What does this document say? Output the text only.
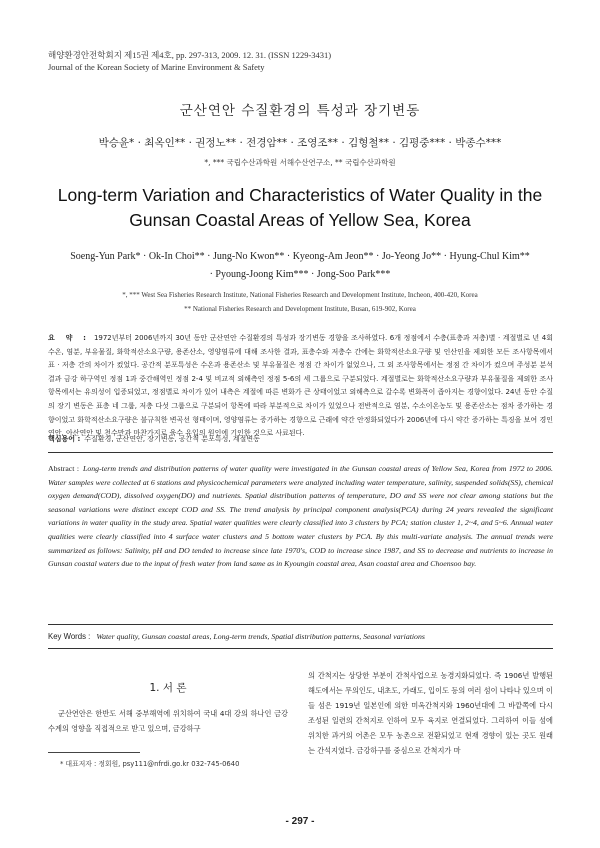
해양환경안전학회지 제15권 제4호, pp. 297-313, 2009. 12. 31. (ISSN 1229-3431)
Journal of the Korean Society of Marine Environment & Safety
군산연안 수질환경의 특성과 장기변동
박승윤* · 최옥인** · 권정노** · 전경암** · 조영조** · 김형철** · 김평중*** · 박종수***
*, *** 국립수산과학원 서해수산연구소, ** 국립수산과학원
Long-term Variation and Characteristics of Water Quality in the
Gunsan Coastal Areas of Yellow Sea, Korea
Soeng-Yun Park* · Ok-In Choi** · Jung-No Kwon** · Kyeong-Am Jeon** · Jo-Yeong Jo** · Hyung-Chul Kim**
· Pyoung-Joong Kim*** · Jong-Soo Park***
*, *** West Sea Fisheries Research Institute, National Fisheries Research and Development Institute, Incheon, 400-420, Korea
** National Fisheries Research and Development Institute, Busan, 619-902, Korea
요 약 : 1972년부터 2006년까지 30년 동안 군산연안 수질환경의 특성과 장기변동 경향을 조사하였다. 6개 정점에서 수층(표층과 저층)별 · 계절별로 년 4회 수온, 염분, 부유물질, 화학적산소요구량, 용존산소, 영양염류에 대해 조사한 결과, 표층수와 저층수 간에는 화학적산소요구량 및 인산인을 제외한 모든 조사항목에서 표 · 저층 간의 차이가 컸었다. 공간적 분포특성은 수온과 용존산소 및 부유물질은 정점 간 차이가 없었으나, 그 외 조사항목에서는 정점 간 차이가 컸으며 주성분 분석결과 금강 하구역인 정점 1과 중간해역인 정점 2-4 및 비교적 외해측인 정점 5-6의 세 그룹으로 구분되었다. 계절별로는 화학적산소요구량과 부유물질을 제외한 조사 항목에서는 유의성이 입증되었고, 정점별로 차이가 있어 내측은 계절에 따른 변화가 큰 상태이었고 외해측으로 갈수록 변화폭이 좁아지는 경향이었다. 24년 동안 수질의 장기 변동은 표층 네 그룹, 저층 다섯 그룹으로 구분되어 항목에 따라 부분적으로 차이가 있었으나 전반적으로 염분, 수소이온농도 및 용존산소는 점차 증가하는 경향이었고 화학적산소요구량은 불규칙한 변곡선 형태이며, 영양염류는 증가하는 경향으로 근래에 약간 안정화되었다가 2006년에 다시 약간 증가하는 특징을 보여 경인연안, 아산연안 및 천수만과 마찬가지로 육수 유입의 원인에 기인한 것으로 사료된다.
핵심용어 : 수질환경, 군산연안, 장기변동, 공간적 분포특성, 계절변동
Abstract : Long-term trends and distribution patterns of water quality were investigated in the Gunsan coastal areas of Yellow Sea, Korea from 1972 to 2006. Water samples were collected at 6 stations and physicochemical parameters were analyzed including water temperature, salinity, suspended solids(SS), chemical oxygen demand(COD), dissolved oxygen(DO) and nutrients. Spatial distribution patterns of temperature, DO and SS were not clear among stations but the seasonal variations were distinct except COD and SS. The trend analysis by principal component analysis(PCA) during 24 years revealed the significant variations in water quality in the study area. Spatial water qualities were clearly classified into 3 clusters by PCA; station cluster 1, 2~4, and 5~6. Annual water qualities were clearly classified into 4 surface water clusters and 5 bottom water clusters by PCA. By this multi-variate analysis. The annual trends were summarized as follows: Salinity, pH and DO tended to increase since late 1970's, COD to increase since 1987, and SS to decrease and nutrients to increase in Gunsan coastal waters due to the input of fresh water from land same as in Kyoungin coastal area, Asan coastal area and Choensoo bay.
Key Words : Water quality, Gunsan coastal areas, Long-term trends, Spatial distribution patterns, Seasonal variations
1. 서 론
군산연안은 한반도 서해 중부해역에 위치하여 국내 4대 강의 하나인 금강수계의 영향을 직접적으로 받고 있으며, 금강하구
의 간척지는 상당한 부분이 간척사업으로 농경지화되었다. 즉 1906년 발행된 해도에서는 무의인도, 내초도, 가래도, 입이도 등의 여러 섬이 나타나 있으며 이들 섬은 1919년 일본인에 의한 미옥간척지와 1960년대에 그 바깥쪽에 다시 조성된 일련의 간척지로 인하여 모두 육지로 연결되었다. 그리하여 이들 섬에 위치한 과거의 어촌은 모두 농촌으로 전환되었고 현재 경향이 있는 곳도 원래는 간석지였다. 금강하구를 중심으로 간척지가 마
* 대표저자 : 정회원, psy111@nfrdi.go.kr 032-745-0640
- 297 -
